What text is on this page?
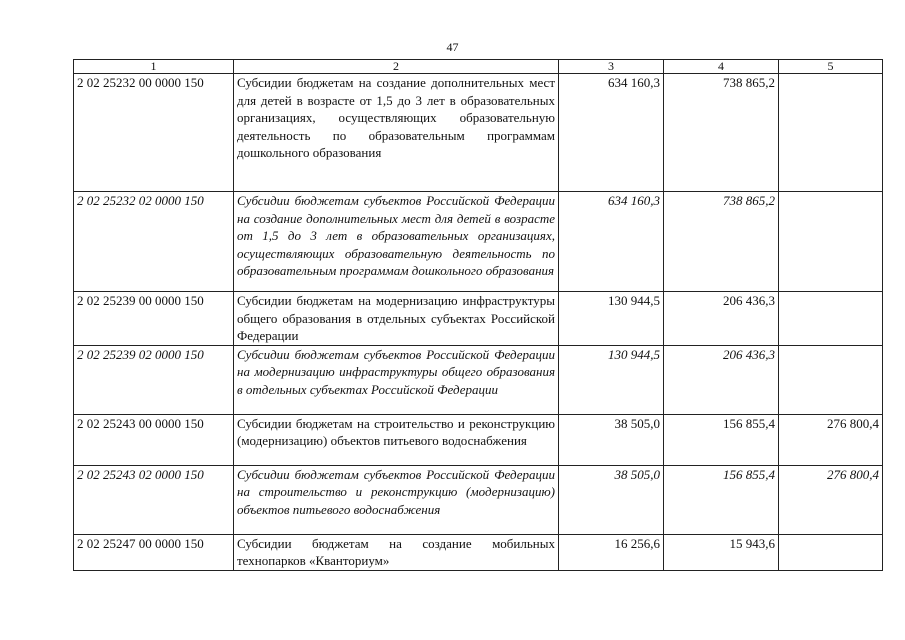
47
1	2	3	4	5
2 02 25232 00 0000 150	Субсидии бюджетам на создание дополнительных мест для детей в возрасте от 1,5 до 3 лет в образовательных организациях, осуществляющих образовательную деятельность по образовательным программам дошкольного образования	634 160,3	738 865,2	
2 02 25232 02 0000 150	Субсидии бюджетам субъектов Российской Федерации на создание дополнительных мест для детей в возрасте от 1,5 до 3 лет в образовательных организациях, осуществляющих образовательную деятельность по образовательным программам дошкольного образования	634 160,3	738 865,2	
2 02 25239 00 0000 150	Субсидии бюджетам на модернизацию инфраструктуры общего образования в отдельных субъектах Российской Федерации	130 944,5	206 436,3	
2 02 25239 02 0000 150	Субсидии бюджетам субъектов Российской Федерации на модернизацию инфраструктуры общего образования в отдельных субъектах Российской Федерации	130 944,5	206 436,3	
2 02 25243 00 0000 150	Субсидии бюджетам на строительство и реконструкцию (модернизацию) объектов питьевого водоснабжения	38 505,0	156 855,4	276 800,4
2 02 25243 02 0000 150	Субсидии бюджетам субъектов Российской Федерации на строительство и реконструкцию (модернизацию) объектов питьевого водоснабжения	38 505,0	156 855,4	276 800,4
2 02 25247 00 0000 150	Субсидии бюджетам на создание мобильных технопарков «Кванториум»	16 256,6	15 943,6	
